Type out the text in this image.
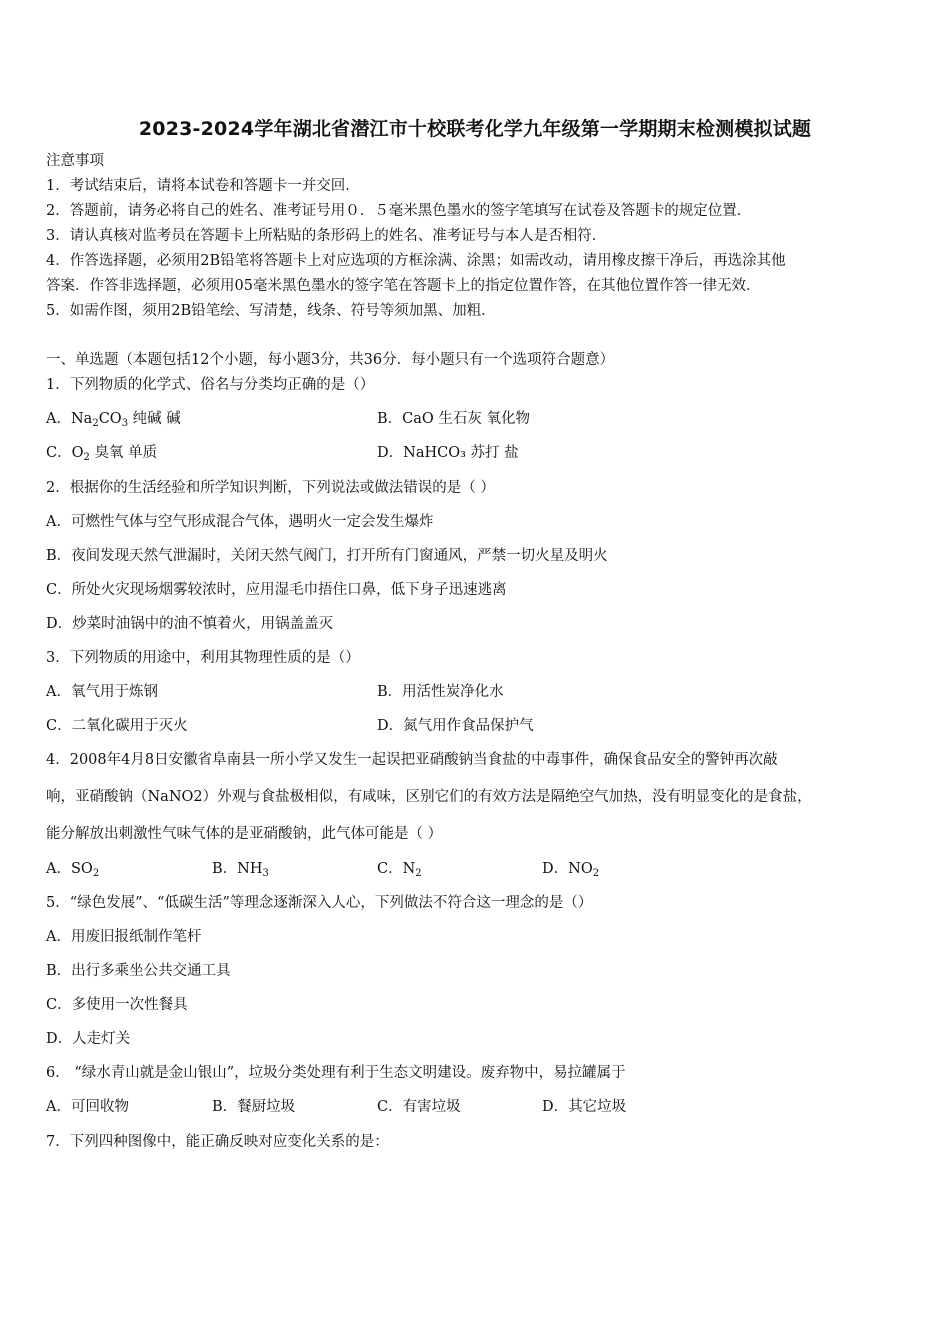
2023-2024学年湖北省潜江市十校联考化学九年级第一学期期末检测模拟试题
注意事项
1．考试结束后，请将本试卷和答题卡一并交回．
2．答题前，请务必将自己的姓名、准考证号用０．５毫米黑色墨水的签字笔填写在试卷及答题卡的规定位置．
3．请认真核对监考员在答题卡上所粘贴的条形码上的姓名、准考证号与本人是否相符．
4．作答选择题，必须用2B铅笔将答题卡上对应选项的方框涂满、涂黑；如需改动，请用橡皮擦干净后，再选涂其他
答案．作答非选择题，必须用05毫米黑色墨水的签字笔在答题卡上的指定位置作答，在其他位置作答一律无效．
5．如需作图，须用2B铅笔绘、写清楚，线条、符号等须加黑、加粗．
一、单选题（本题包括12个小题，每小题3分，共36分．每小题只有一个选项符合题意）
1．下列物质的化学式、俗名与分类均正确的是（）
A．$Na_2CO_3$ 纯碱 碱	B．CaO 生石灰 氧化物
C．$O_2$ 臭氧 单质	D．NaHCO₃ 苏打 盐
2．根据你的生活经验和所学知识判断，下列说法或做法错误的是（ ）
A．可燃性气体与空气形成混合气体，遇明火一定会发生爆炸
B．夜间发现天然气泄漏时，关闭天然气阀门，打开所有门窗通风，严禁一切火星及明火
C．所处火灾现场烟雾较浓时，应用湿毛巾捂住口鼻，低下身子迅速逃离
D．炒菜时油锅中的油不慎着火，用锅盖盖灭
3．下列物质的用途中，利用其物理性质的是（）
A．氧气用于炼钢	B．用活性炭净化水
C．二氧化碳用于灭火	D．氮气用作食品保护气
4．2008年4月8日安徽省阜南县一所小学又发生一起误把亚硝酸钠当食盐的中毒事件，确保食品安全的警钟再次敲
响，亚硝酸钠（NaNO2）外观与食盐极相似，有咸味，区别它们的有效方法是隔绝空气加热，没有明显变化的是食盐，
能分解放出刺激性气味气体的是亚硝酸钠，此气体可能是（ ）
A．$SO_2$	B．$NH_3$	C．$N_2$	D．$NO_2$
5．“绿色发展”、“低碳生活”等理念逐渐深入人心，下列做法不符合这一理念的是（）
A．用废旧报纸制作笔杆
B．出行多乘坐公共交通工具
C．多使用一次性餐具
D．人走灯关
6． “绿水青山就是金山银山”，垃圾分类处理有利于生态文明建设。废弃物中，易拉罐属于
A．可回收物	B．餐厨垃圾	C．有害垃圾	D．其它垃圾
7．下列四种图像中，能正确反映对应变化关系的是：
